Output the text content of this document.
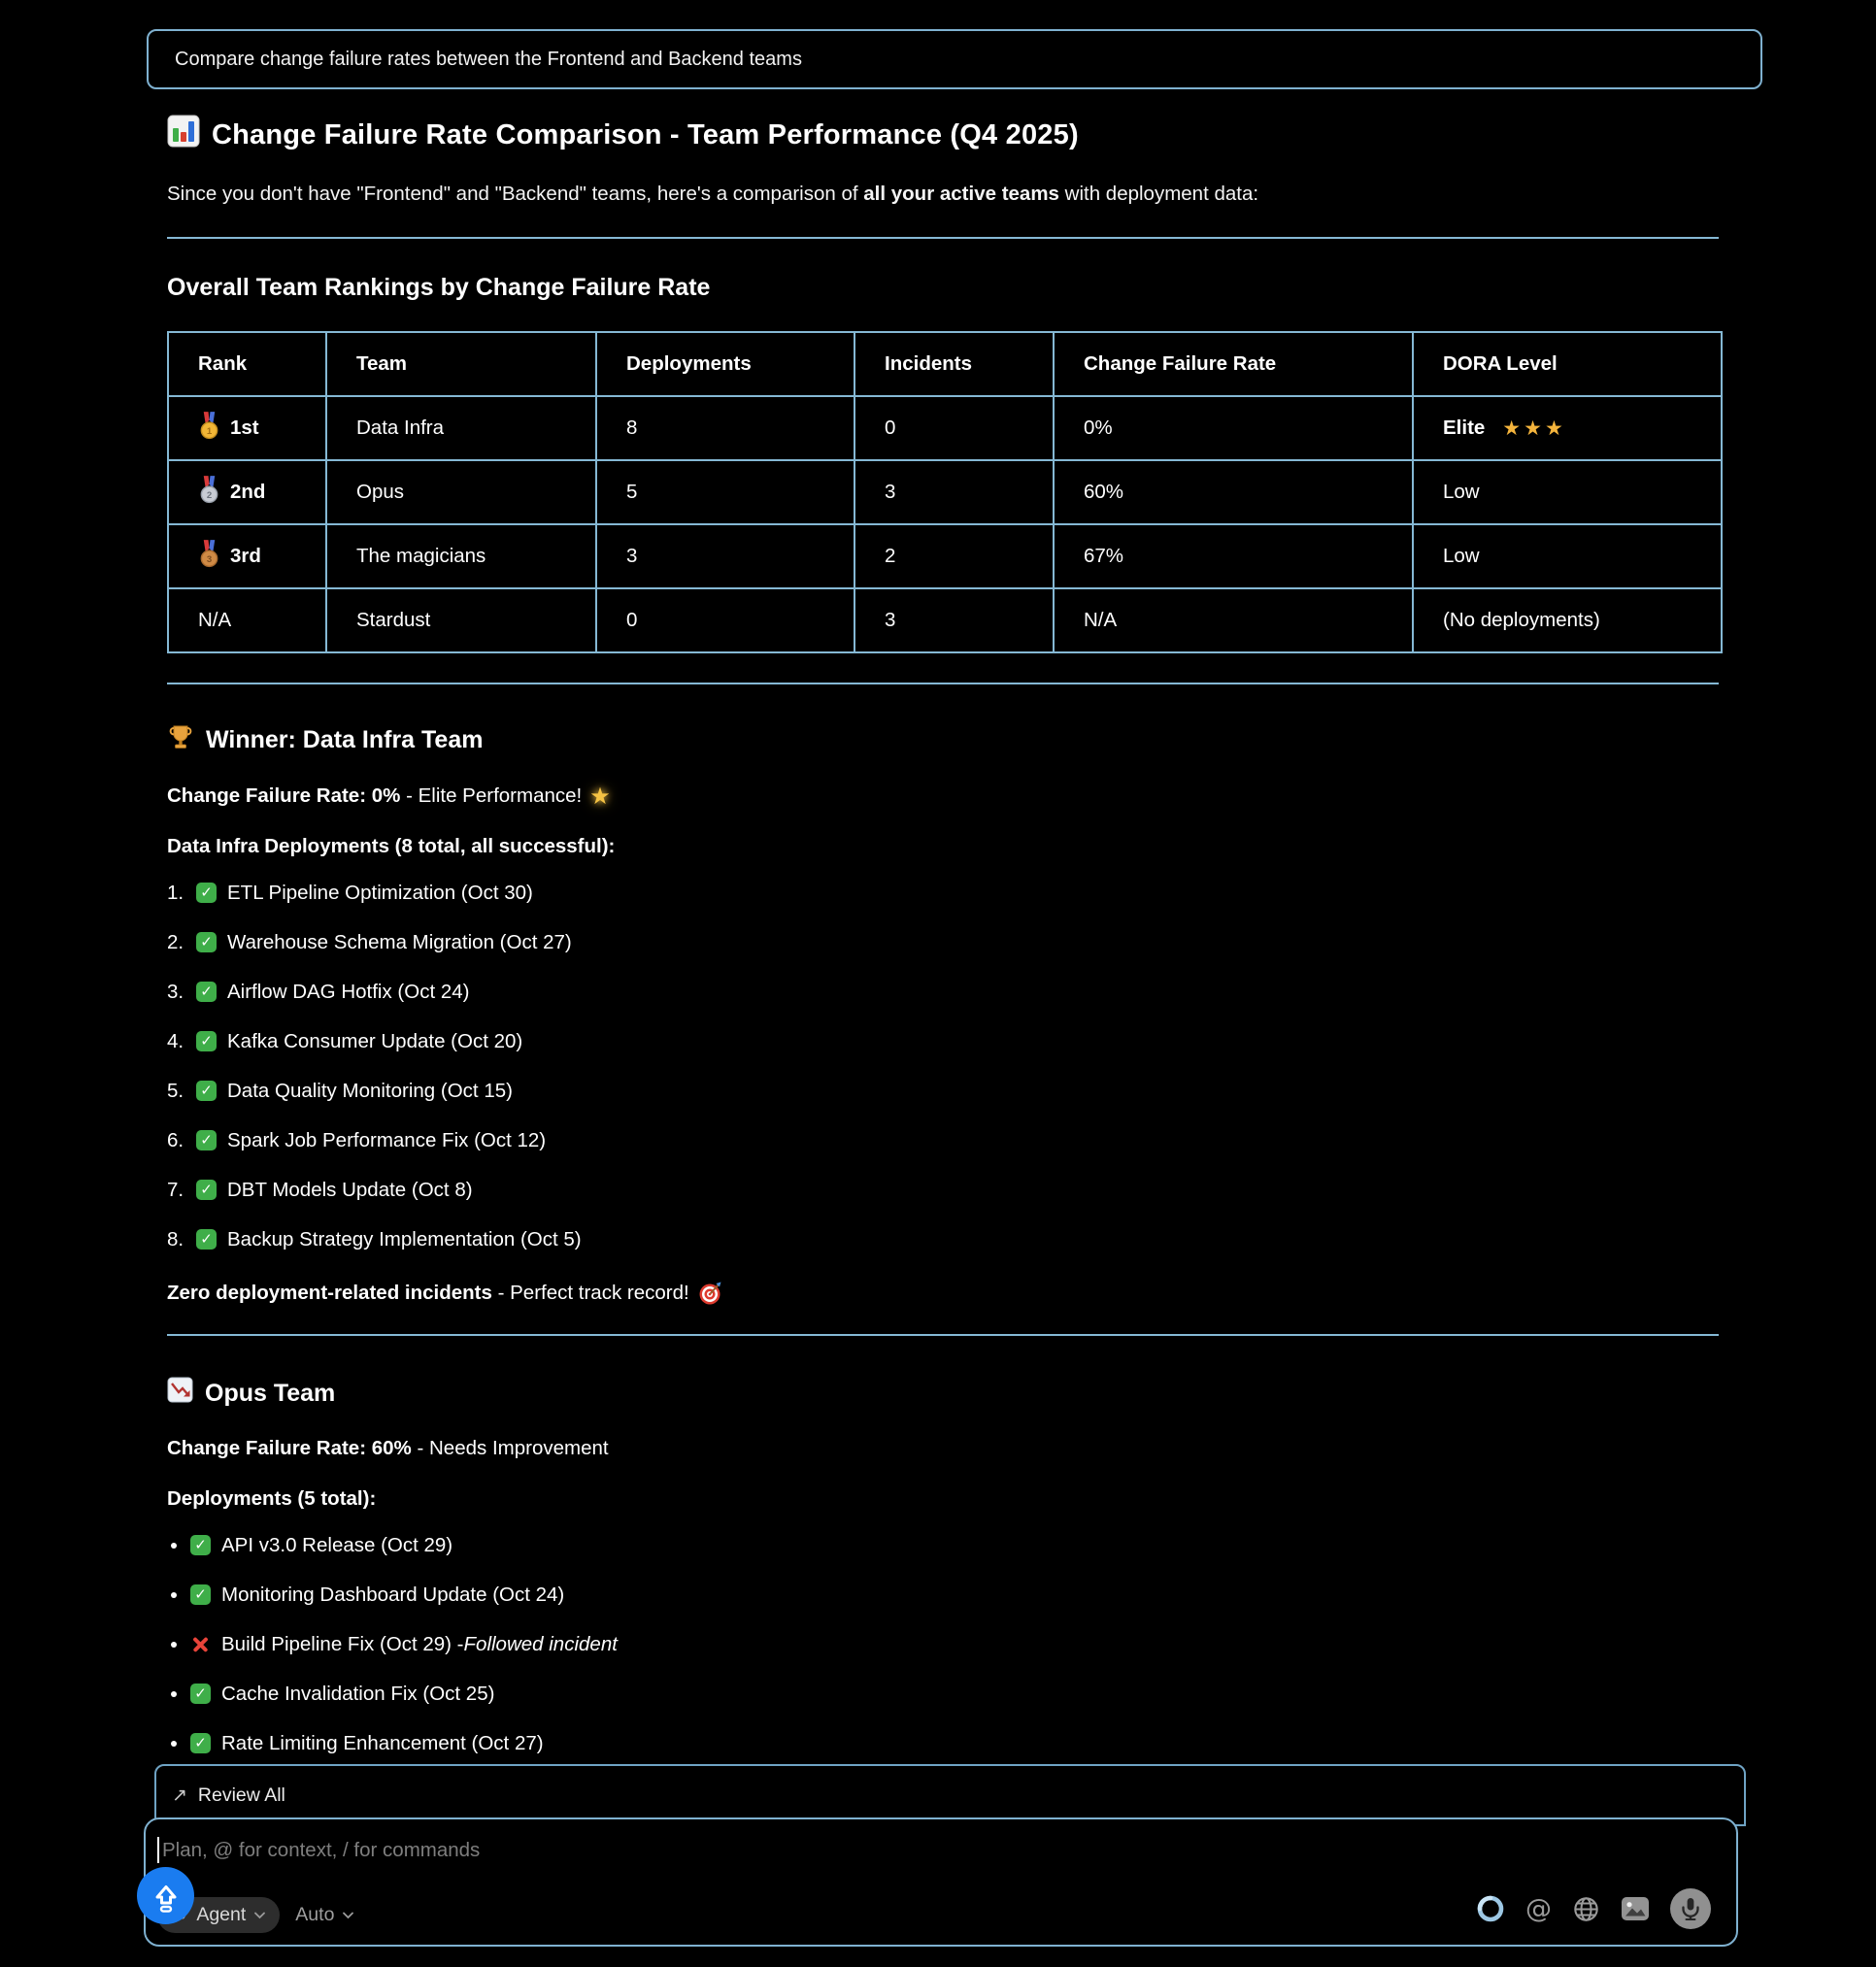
Compare change failure rates between the Frontend and Backend teams
Change Failure Rate Comparison - Team Performance (Q4 2025)

Since you don't have "Frontend" and "Backend" teams, here's a comparison of all your active teams with deployment data:

Overall Team Rankings by Change Failure Rate
Rank	Team	Deployments	Incidents	Change Failure Rate	DORA Level

1 1st	Data Infra	8	0	0%	Elite ★★★

2 2nd	Opus	5	3	60%	Low

3 3rd	The magicians	3	2	67%	Low
N/A	Stardust	0	3	N/A	(No deployments)
Winner: Data Infra Team

Change Failure Rate: 0% - Elite Performance! ★

Data Infra Deployments (8 total, all successful):

1. ✓	ETL Pipeline Optimization (Oct 30)
2. ✓	Warehouse Schema Migration (Oct 27)
3. ✓	Airflow DAG Hotfix (Oct 24)
4. ✓	Kafka Consumer Update (Oct 20)
5. ✓	Data Quality Monitoring (Oct 15)
6. ✓	Spark Job Performance Fix (Oct 12)
7. ✓	DBT Models Update (Oct 8)
8. ✓	Backup Strategy Implementation (Oct 5)

Zero deployment-related incidents - Perfect track record!

Opus Team

Change Failure Rate: 60% - Needs Improvement

Deployments (5 total):

✓
API v3.0 Release (Oct 29)
✓
Monitoring Dashboard Update (Oct 24)
Build Pipeline Fix (Oct 29) - Followed incident
✓
Cache Invalidation Fix (Oct 25)
✓
Rate Limiting Enhancement (Oct 27)
↗
Review All
Plan, @ for context, / for commands
∞
Agent	Auto
@
